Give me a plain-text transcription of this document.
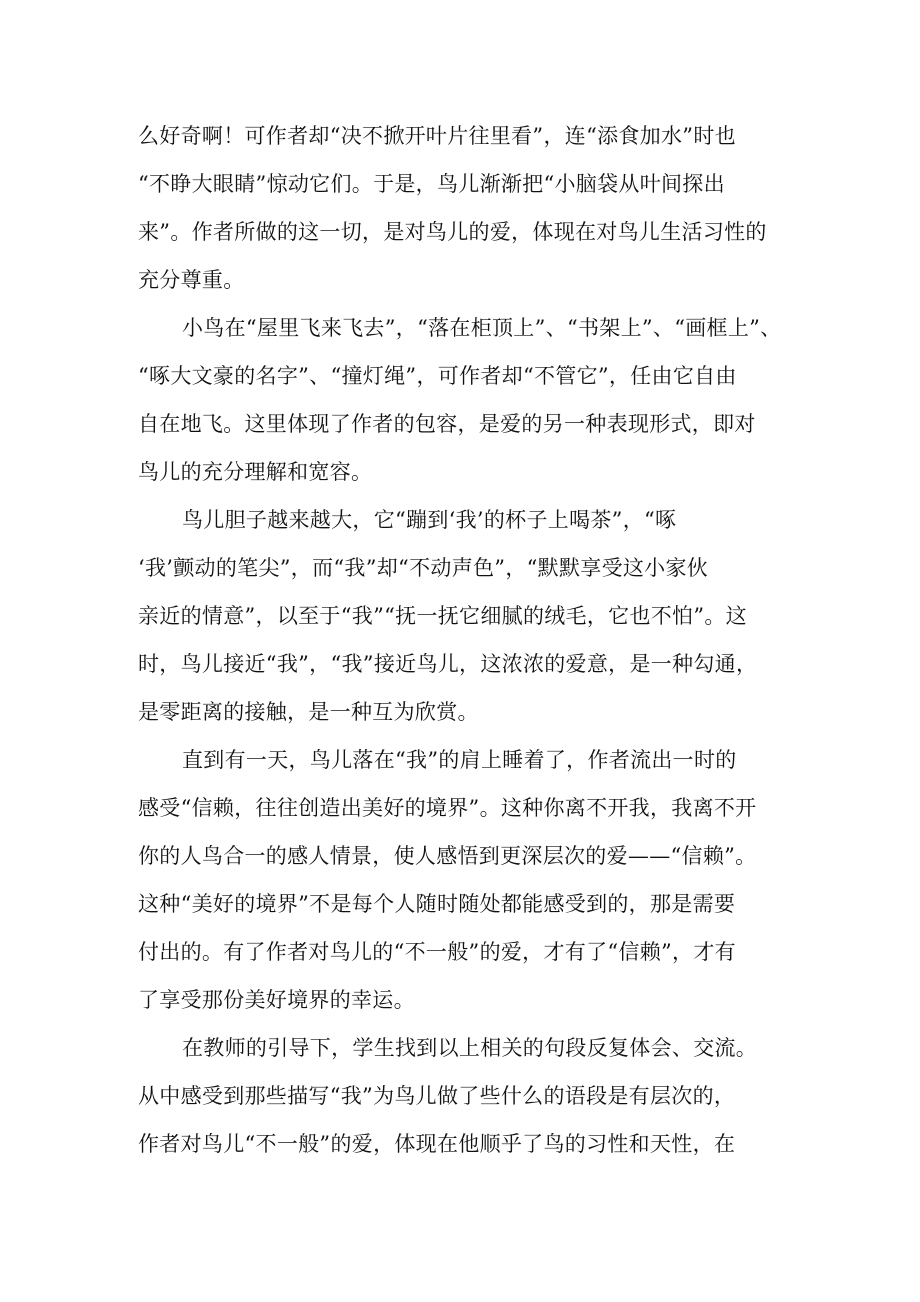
么好奇啊！可作者却“决不掀开叶片往里看”，连“添食加水”时也
“不睁大眼睛”惊动它们。于是，鸟儿渐渐把“小脑袋从叶间探出
来”。作者所做的这一切，是对鸟儿的爱，体现在对鸟儿生活习性的
充分尊重。
小鸟在“屋里飞来飞去”，“落在柜顶上”、“书架上”、“画框上”、
“啄大文豪的名字”、“撞灯绳”，可作者却“不管它”，任由它自由
自在地飞。这里体现了作者的包容，是爱的另一种表现形式，即对
鸟儿的充分理解和宽容。
鸟儿胆子越来越大，它“蹦到‘我’的杯子上喝茶”，“啄
‘我’颤动的笔尖”，而“我”却“不动声色”，“默默享受这小家伙
亲近的情意”，以至于“我”“抚一抚它细腻的绒毛，它也不怕”。这
时，鸟儿接近“我”，“我”接近鸟儿，这浓浓的爱意，是一种勾通，
是零距离的接触，是一种互为欣赏。
直到有一天，鸟儿落在“我”的肩上睡着了，作者流出一时的
感受“信赖，往往创造出美好的境界”。这种你离不开我，我离不开
你的人鸟合一的感人情景，使人感悟到更深层次的爱——“信赖”。
这种“美好的境界”不是每个人随时随处都能感受到的，那是需要
付出的。有了作者对鸟儿的“不一般”的爱，才有了“信赖”，才有
了享受那份美好境界的幸运。
在教师的引导下，学生找到以上相关的句段反复体会、交流。
从中感受到那些描写“我”为鸟儿做了些什么的语段是有层次的，
作者对鸟儿“不一般”的爱，体现在他顺乎了鸟的习性和天性，在
